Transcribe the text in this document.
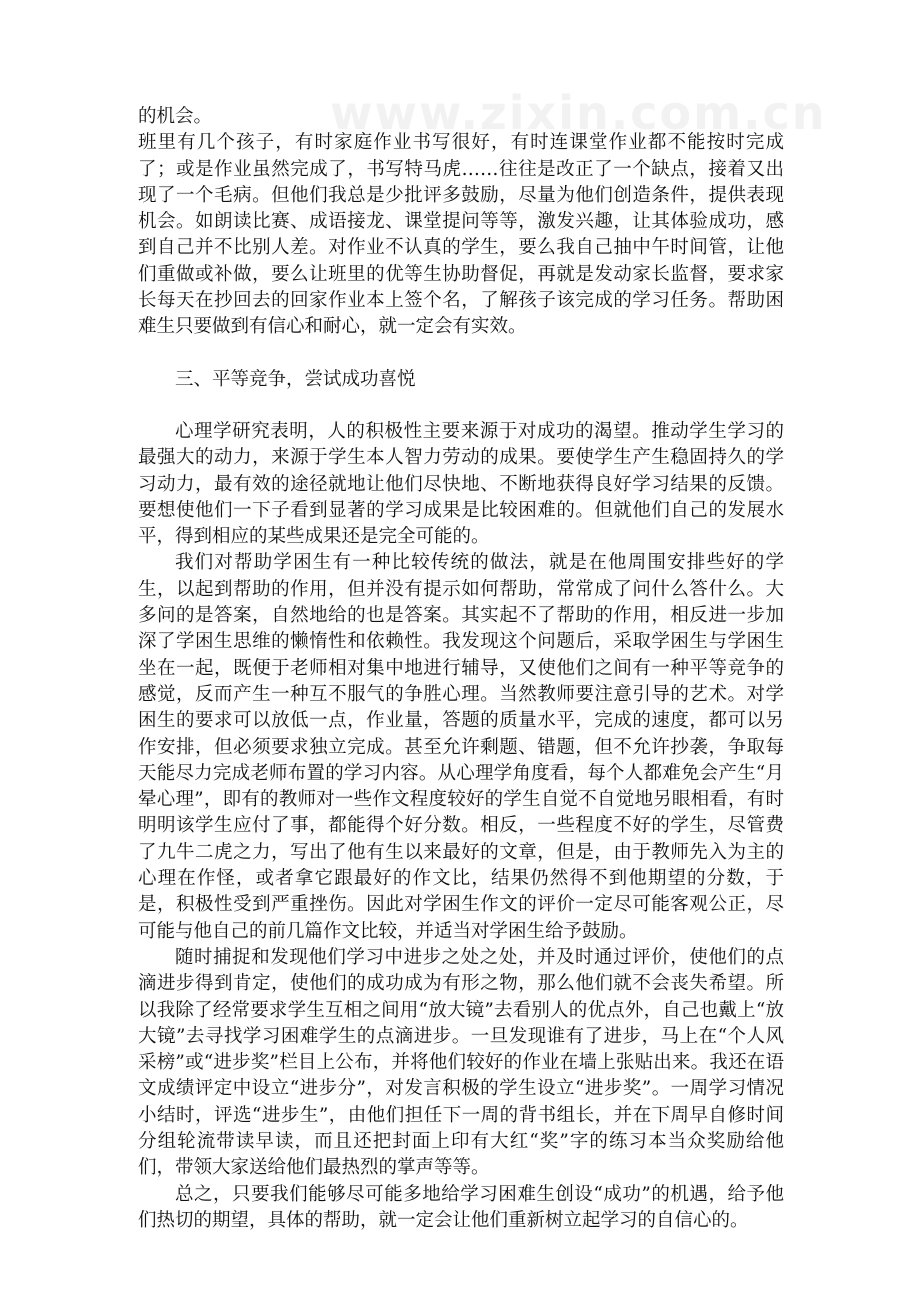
www.zixin.com.cn

的机会。

班里有几个孩子，有时家庭作业书写很好，有时连课堂作业都不能按时完成了；或是作业虽然完成了，书写特马虎……往往是改正了一个缺点，接着又出现了一个毛病。但他们我总是少批评多鼓励，尽量为他们创造条件，提供表现机会。如朗读比赛、成语接龙、课堂提问等等，激发兴趣，让其体验成功，感到自己并不比别人差。对作业不认真的学生，要么我自己抽中午时间管，让他们重做或补做，要么让班里的优等生协助督促，再就是发动家长监督，要求家长每天在抄回去的回家作业本上签个名，了解孩子该完成的学习任务。帮助困难生只要做到有信心和耐心，就一定会有实效。

三、平等竞争，尝试成功喜悦

心理学研究表明，人的积极性主要来源于对成功的渴望。推动学生学习的最强大的动力，来源于学生本人智力劳动的成果。要使学生产生稳固持久的学习动力，最有效的途径就地让他们尽快地、不断地获得良好学习结果的反馈。要想使他们一下子看到显著的学习成果是比较困难的。但就他们自己的发展水平，得到相应的某些成果还是完全可能的。

我们对帮助学困生有一种比较传统的做法，就是在他周围安排些好的学生，以起到帮助的作用，但并没有提示如何帮助，常常成了问什么答什么。大多问的是答案，自然地给的也是答案。其实起不了帮助的作用，相反进一步加深了学困生思维的懒惰性和依赖性。我发现这个问题后，采取学困生与学困生坐在一起，既便于老师相对集中地进行辅导，又使他们之间有一种平等竞争的感觉，反而产生一种互不服气的争胜心理。当然教师要注意引导的艺术。对学困生的要求可以放低一点，作业量，答题的质量水平，完成的速度，都可以另作安排，但必须要求独立完成。甚至允许剩题、错题，但不允许抄袭，争取每天能尽力完成老师布置的学习内容。从心理学角度看，每个人都难免会产生“月晕心理”，即有的教师对一些作文程度较好的学生自觉不自觉地另眼相看，有时明明该学生应付了事，都能得个好分数。相反，一些程度不好的学生，尽管费了九牛二虎之力，写出了他有生以来最好的文章，但是，由于教师先入为主的心理在作怪，或者拿它跟最好的作文比，结果仍然得不到他期望的分数，于是，积极性受到严重挫伤。因此对学困生作文的评价一定尽可能客观公正，尽可能与他自己的前几篇作文比较，并适当对学困生给予鼓励。

随时捕捉和发现他们学习中进步之处之处，并及时通过评价，使他们的点滴进步得到肯定，使他们的成功成为有形之物，那么他们就不会丧失希望。所以我除了经常要求学生互相之间用“放大镜”去看别人的优点外，自己也戴上“放大镜”去寻找学习困难学生的点滴进步。一旦发现谁有了进步，马上在“个人风采榜”或“进步奖”栏目上公布，并将他们较好的作业在墙上张贴出来。我还在语文成绩评定中设立“进步分”，对发言积极的学生设立“进步奖”。一周学习情况小结时，评选“进步生”，由他们担任下一周的背书组长，并在下周早自修时间分组轮流带读早读，而且还把封面上印有大红“奖”字的练习本当众奖励给他们，带领大家送给他们最热烈的掌声等等。

总之，只要我们能够尽可能多地给学习困难生创设“成功”的机遇，给予他们热切的期望，具体的帮助，就一定会让他们重新树立起学习的自信心的。
